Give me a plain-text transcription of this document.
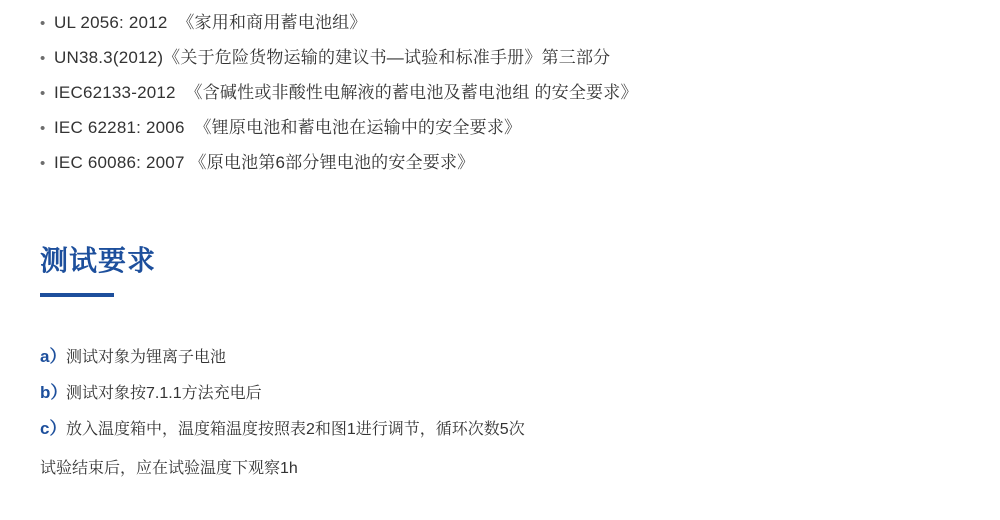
• UL 2056: 2012  《家用和商用蓄电池组》
• UN38.3(2012)《关于危险货物运输的建议书—试验和标准手册》第三部分
• IEC62133-2012  《含碱性或非酸性电解液的蓄电池及蓄电池组 的安全要求》
• IEC 62281: 2006  《锂原电池和蓄电池在运输中的安全要求》
• IEC 60086: 2007 《原电池第6部分锂电池的安全要求》
测试要求
a） 测试对象为锂离子电池
b）
测试对象按7.1.1方法充电后
c） 放入温度箱中，温度箱温度按照表2和图1进行调节，循环次数5次
试验结束后，应在试验温度下观察1h
